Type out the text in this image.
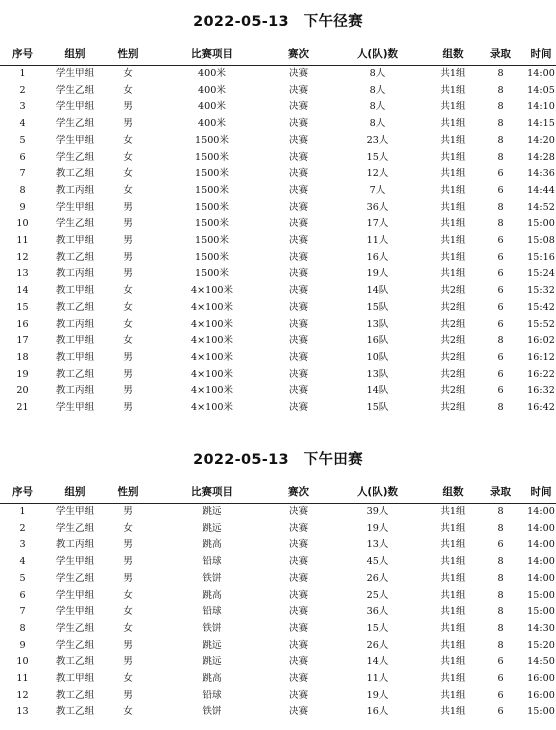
2022-05-13　下午径赛
序号	组别	性别	比赛项目	赛次	人(队)数	组数	录取	时间
1	学生甲组	女	400米	决赛	8人	共1组	8	14:00
2	学生乙组	女	400米	决赛	8人	共1组	8	14:05
3	学生甲组	男	400米	决赛	8人	共1组	8	14:10
4	学生乙组	男	400米	决赛	8人	共1组	8	14:15
5	学生甲组	女	1500米	决赛	23人	共1组	8	14:20
6	学生乙组	女	1500米	决赛	15人	共1组	8	14:28
7	教工乙组	女	1500米	决赛	12人	共1组	6	14:36
8	教工丙组	女	1500米	决赛	7人	共1组	6	14:44
9	学生甲组	男	1500米	决赛	36人	共1组	8	14:52
10	学生乙组	男	1500米	决赛	17人	共1组	8	15:00
11	教工甲组	男	1500米	决赛	11人	共1组	6	15:08
12	教工乙组	男	1500米	决赛	16人	共1组	6	15:16
13	教工丙组	男	1500米	决赛	19人	共1组	6	15:24
14	教工甲组	女	4×100米	决赛	14队	共2组	6	15:32
15	教工乙组	女	4×100米	决赛	15队	共2组	6	15:42
16	教工丙组	女	4×100米	决赛	13队	共2组	6	15:52
17	教工甲组	女	4×100米	决赛	16队	共2组	8	16:02
18	教工甲组	男	4×100米	决赛	10队	共2组	6	16:12
19	教工乙组	男	4×100米	决赛	13队	共2组	6	16:22
20	教工丙组	男	4×100米	决赛	14队	共2组	6	16:32
21	学生甲组	男	4×100米	决赛	15队	共2组	8	16:42
2022-05-13　下午田赛
序号	组别	性别	比赛项目	赛次	人(队)数	组数	录取	时间
1	学生甲组	男	跳远	决赛	39人	共1组	8	14:00
2	学生乙组	女	跳远	决赛	19人	共1组	8	14:00
3	教工丙组	男	跳高	决赛	13人	共1组	6	14:00
4	学生甲组	男	铅球	决赛	45人	共1组	8	14:00
5	学生乙组	男	铁饼	决赛	26人	共1组	8	14:00
6	学生甲组	女	跳高	决赛	25人	共1组	8	15:00
7	学生甲组	女	铅球	决赛	36人	共1组	8	15:00
8	学生乙组	女	铁饼	决赛	15人	共1组	8	14:30
9	学生乙组	男	跳远	决赛	26人	共1组	8	15:20
10	教工乙组	男	跳远	决赛	14人	共1组	6	14:50
11	教工甲组	女	跳高	决赛	11人	共1组	6	16:00
12	教工乙组	男	铅球	决赛	19人	共1组	6	16:00
13	教工乙组	女	铁饼	决赛	16人	共1组	6	15:00
